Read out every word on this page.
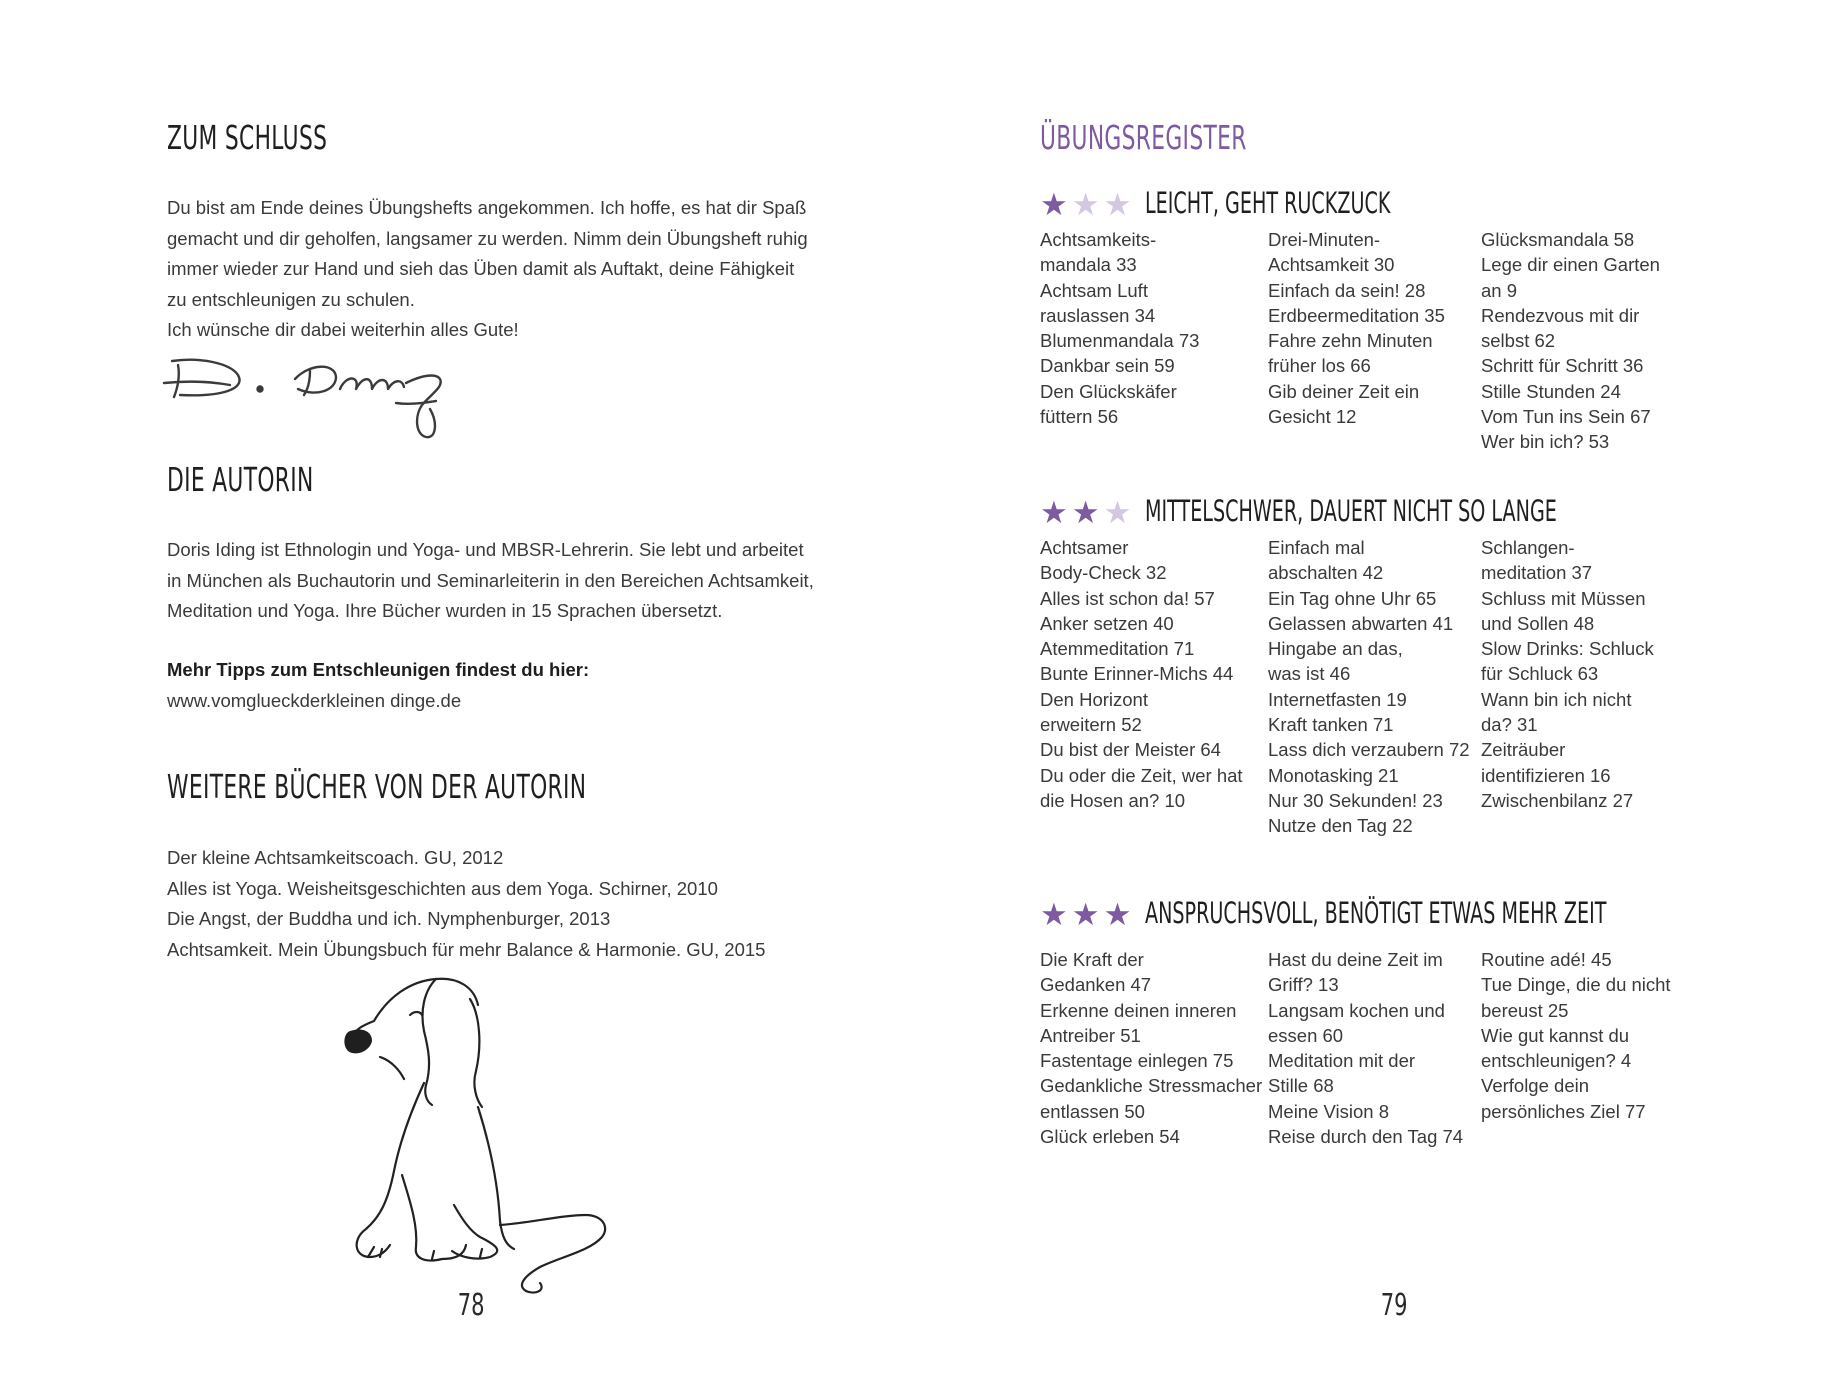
ZUM SCHLUSS

Du bist am Ende deines Übungshefts angekommen. Ich hoffe, es hat dir Spaß gemacht und dir geholfen, langsamer zu werden. Nimm dein Übungsheft ruhig immer wieder zur Hand und sieh das Üben damit als Auftakt, deine Fähigkeit zu entschleunigen zu schulen.

Ich wünsche dir dabei weiterhin alles Gute!

DIE AUTORIN

Doris Iding ist Ethnologin und Yoga- und MBSR-Lehrerin. Sie lebt und arbeitet in München als Buchautorin und Seminarleiterin in den Bereichen Achtsamkeit, Meditation und Yoga. Ihre Bücher wurden in 15 Sprachen übersetzt.

Mehr Tipps zum Entschleunigen findest du hier:

www.vomglueckderkleinen dinge.de

WEITERE BÜCHER VON DER AUTORIN

Der kleine Achtsamkeitscoach. GU, 2012

Alles ist Yoga. Weisheitsgeschichten aus dem Yoga. Schirner, 2010

Die Angst, der Buddha und ich. Nymphenburger, 2013

Achtsamkeit. Mein Übungsbuch für mehr Balance & Harmonie. GU, 2015

78
ÜBUNGSREGISTER
★ ★ ★ LEICHT, GEHT RUCKZUCK
Achtsamkeits-
mandala 33
Achtsam Luft
rauslassen 34
Blumenmandala 73
Dankbar sein 59
Den Glückskäfer
füttern 56
Drei-Minuten-
Achtsamkeit 30
Einfach da sein! 28
Erdbeermeditation 35
Fahre zehn Minuten
früher los 66
Gib deiner Zeit ein
Gesicht 12
Glücksmandala 58
Lege dir einen Garten
an 9
Rendezvous mit dir
selbst 62
Schritt für Schritt 36
Stille Stunden 24
Vom Tun ins Sein 67
Wer bin ich? 53
★ ★ ★ MITTELSCHWER, DAUERT NICHT SO LANGE
Achtsamer
Body-Check 32
Alles ist schon da! 57
Anker setzen 40
Atemmeditation 71
Bunte Erinner-Michs 44
Den Horizont
erweitern 52
Du bist der Meister 64
Du oder die Zeit, wer hat
die Hosen an? 10
Einfach mal
abschalten 42
Ein Tag ohne Uhr 65
Gelassen abwarten 41
Hingabe an das,
was ist 46
Internetfasten 19
Kraft tanken 71
Lass dich verzaubern 72
Monotasking 21
Nur 30 Sekunden! 23
Nutze den Tag 22
Schlangen-
meditation 37
Schluss mit Müssen
und Sollen 48
Slow Drinks: Schluck
für Schluck 63
Wann bin ich nicht
da? 31
Zeiträuber
identifizieren 16
Zwischenbilanz 27
★ ★ ★ ANSPRUCHSVOLL, BENÖTIGT ETWAS MEHR ZEIT
Die Kraft der
Gedanken 47
Erkenne deinen inneren
Antreiber 51
Fastentage einlegen 75
Gedankliche Stressmacher
entlassen 50
Glück erleben 54
Hast du deine Zeit im
Griff? 13
Langsam kochen und
essen 60
Meditation mit der
Stille 68
Meine Vision 8
Reise durch den Tag 74
Routine adé! 45
Tue Dinge, die du nicht
bereust 25
Wie gut kannst du
entschleunigen? 4
Verfolge dein
persönliches Ziel 77
79
